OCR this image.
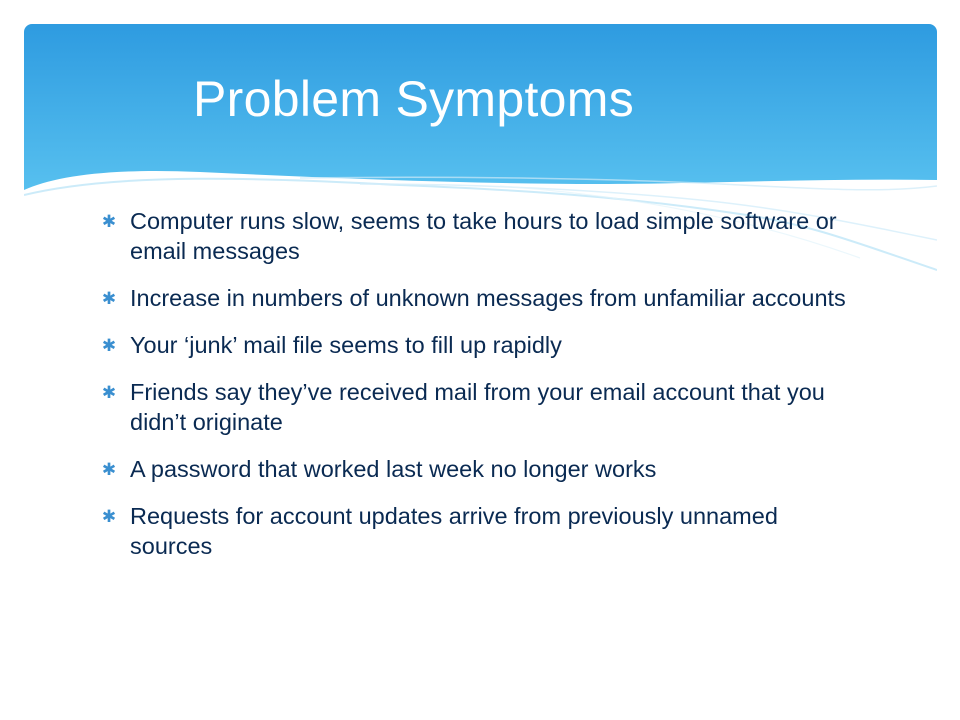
Problem Symptoms
✱ Computer runs slow, seems to take hours to load simple software or email messages
✱ Increase in numbers of unknown messages from unfamiliar accounts
✱ Your ‘junk’ mail file seems to fill up rapidly
✱ Friends say they’ve received mail from your email account that you didn’t originate
✱ A password that worked last week no longer works
✱ Requests for account updates arrive from previously unnamed sources
